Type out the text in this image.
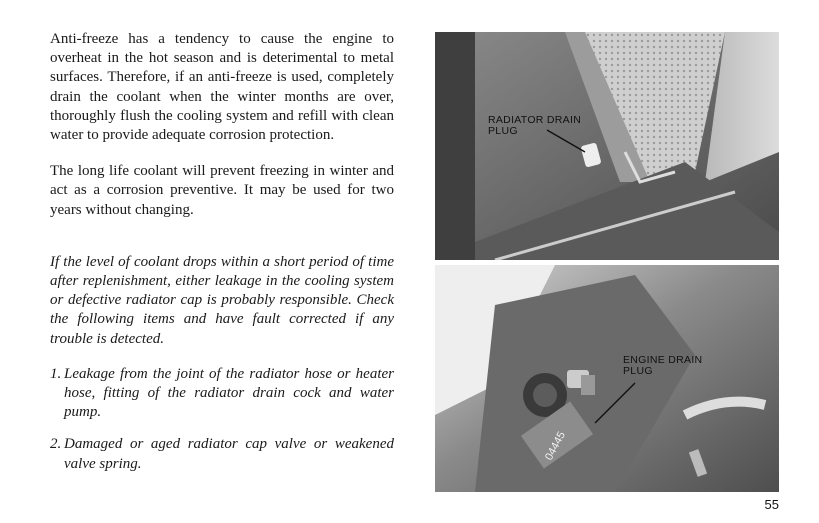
Anti-freeze has a tendency to cause the engine to overheat in the hot season and is deterimental to metal surfaces. Therefore, if an anti-freeze is used, completely drain the coolant when the winter months are over, thoroughly flush the cooling system and refill with clean water to provide adequate corrosion protection.

The long life coolant will prevent freezing in winter and act as a corrosion preventive. It may be used for two years without changing.

If the level of coolant drops within a short period of time after replenishment, either leakage in the cooling system or defective radiator cap is probably responsible. Check the following items and have fault corrected if any trouble is detected.

1. Leakage from the joint of the radiator hose or heater hose, fitting of the radiator drain cock and water pump.
2. Damaged or aged radiator cap valve or weakened valve spring.
RADIATOR DRAIN
PLUG
04445
ENGINE DRAIN
PLUG
55
